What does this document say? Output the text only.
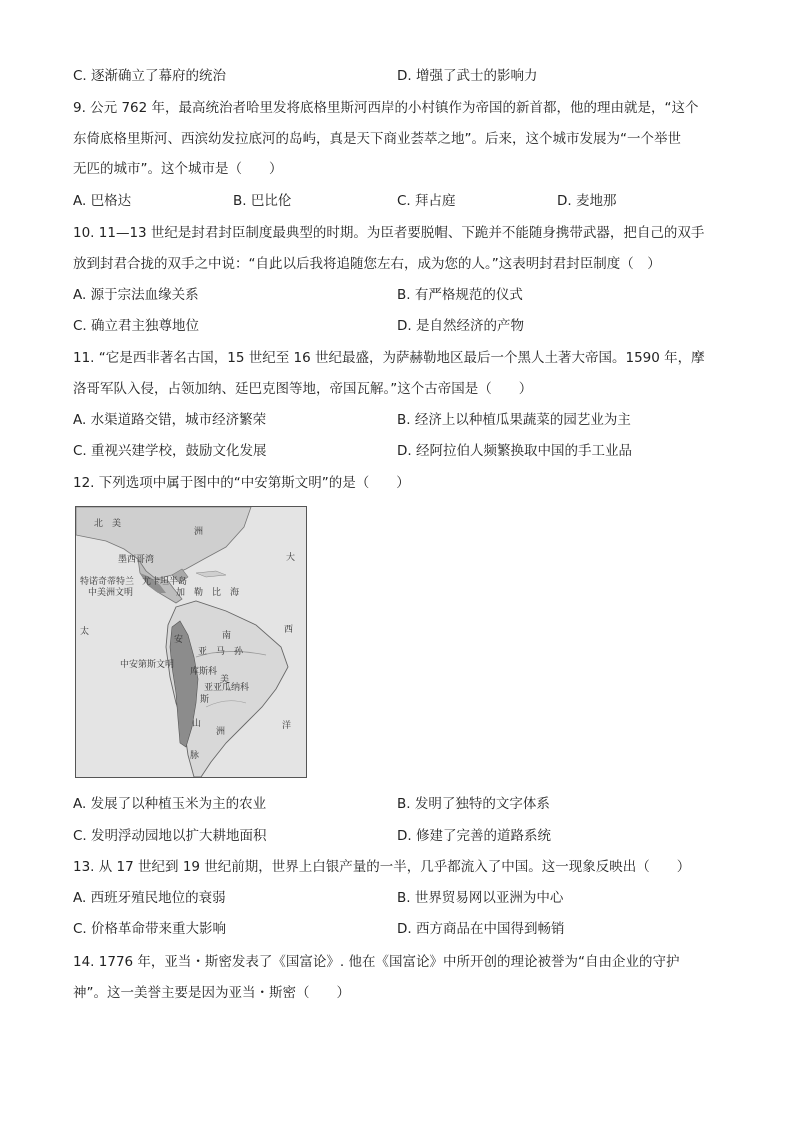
C. 逐渐确立了幕府的统治	D. 增强了武士的影响力
9. 公元 762 年，最高统治者哈里发将底格里斯河西岸的小村镇作为帝国的新首都，他的理由就是，“这个
东倚底格里斯河、西滨幼发拉底河的岛屿，真是天下商业荟萃之地”。后来，这个城市发展为“一个举世
无匹的城市”。这个城市是（　　）
A. 巴格达	B. 巴比伦	C. 拜占庭	D. 麦地那
10. 11—13 世纪是封君封臣制度最典型的时期。为臣者要脱帽、下跪并不能随身携带武器，把自己的双手
放到封君合拢的双手之中说：“自此以后我将追随您左右，成为您的人。”这表明封君封臣制度（　）
A. 源于宗法血缘关系	B. 有严格规范的仪式
C. 确立君主独尊地位	D. 是自然经济的产物
11. “它是西非著名古国，15 世纪至 16 世纪最盛，为萨赫勒地区最后一个黑人土著大帝国。1590 年，摩
洛哥军队入侵，占领加纳、廷巴克图等地，帝国瓦解。”这个古帝国是（　　）
A. 水渠道路交错，城市经济繁荣	B. 经济上以种植瓜果蔬菜的园艺业为主
C. 重视兴建学校，鼓励文化发展	D. 经阿拉伯人频繁换取中国的手工业品
12. 下列选项中属于图中的“中安第斯文明”的是（　　）
北　美
洲
墨西哥湾
特诺奇蒂特兰 尤卡坦半岛
中美洲文明	加　勒　比　海
太
大
西
南
安
亚　马　孙
中安第斯文明
库斯科
美
亚亚瓜纳科
斯
山
洲
洋
脉
A. 发展了以种植玉米为主的农业	B. 发明了独特的文字体系
C. 发明浮动园地以扩大耕地面积	D. 修建了完善的道路系统
13. 从 17 世纪到 19 世纪前期，世界上白银产量的一半，几乎都流入了中国。这一现象反映出（　　）
A. 西班牙殖民地位的衰弱	B. 世界贸易网以亚洲为中心
C. 价格革命带来重大影响	D. 西方商品在中国得到畅销
14. 1776 年，亚当・斯密发表了《国富论》. 他在《国富论》中所开创的理论被誉为“自由企业的守护
神”。这一美誉主要是因为亚当・斯密（　　）
